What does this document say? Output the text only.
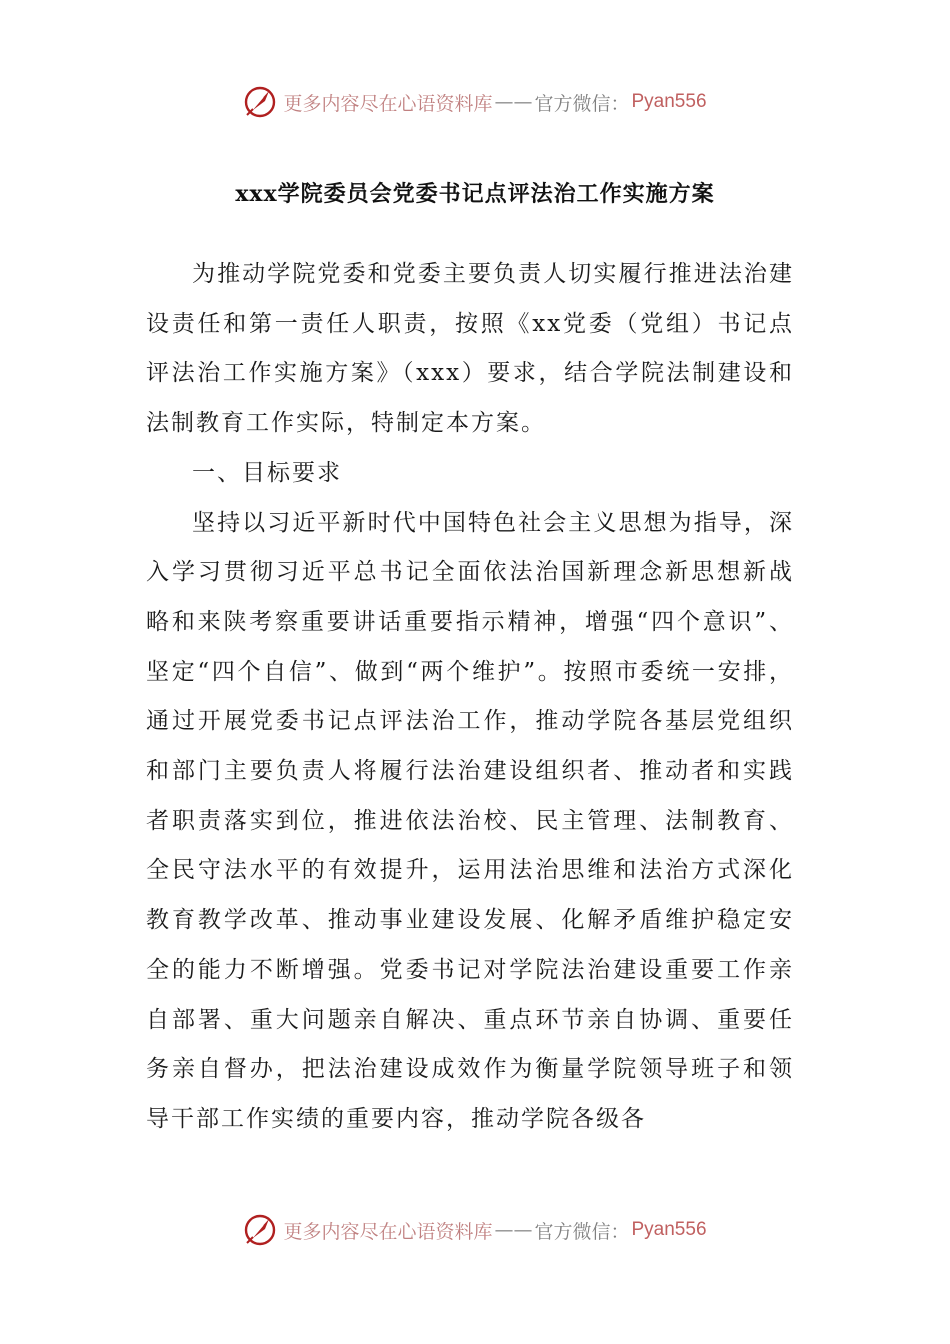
更多内容尽在心语资料库 —— 官方微信： Pyan556
xxx学院委员会党委书记点评法治工作实施方案

为推动学院党委和党委主要负责人切实履行推进法治建设责任和第一责任人职责，按照《xx党委（党组）书记点评法治工作实施方案》（xxx）要求，结合学院法制建设和法制教育工作实际，特制定本方案。

一、目标要求

坚持以习近平新时代中国特色社会主义思想为指导，深入学习贯彻习近平总书记全面依法治国新理念新思想新战略和来陕考察重要讲话重要指示精神，增强“四个意识”、坚定“四个自信”、做到“两个维护”。按照市委统一安排，通过开展党委书记点评法治工作，推动学院各基层党组织和部门主要负责人将履行法治建设组织者、推动者和实践者职责落实到位，推进依法治校、民主管理、法制教育、全民守法水平的有效提升，运用法治思维和法治方式深化教育教学改革、推动事业建设发展、化解矛盾维护稳定安全的能力不断增强。党委书记对学院法治建设重要工作亲自部署、重大问题亲自解决、重点环节亲自协调、重要任务亲自督办，把法治建设成效作为衡量学院领导班子和领导干部工作实绩的重要内容，推动学院各级各

更多内容尽在心语资料库 —— 官方微信： Pyan556
